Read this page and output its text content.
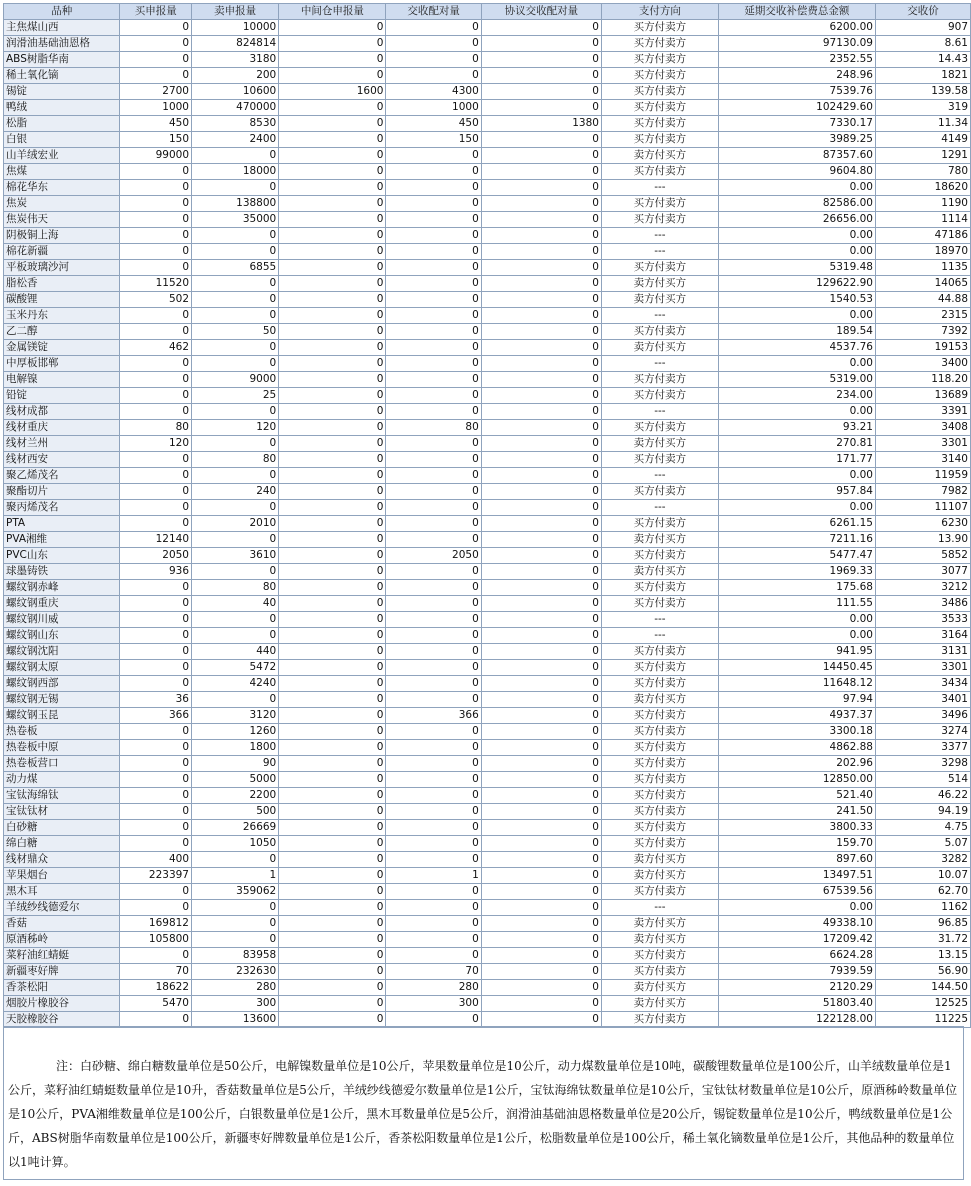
品种	买申报量	卖申报量	中间仓申报量	交收配对量	协议交收配对量	支付方向	延期交收补偿费总金额	交收价
主焦煤山西	0	10000	0	0	0	买方付卖方	6200.00	907
润滑油基础油恩格	0	824814	0	0	0	买方付卖方	97130.09	8.61
ABS树脂华南	0	3180	0	0	0	买方付卖方	2352.55	14.43
稀土氧化镝	0	200	0	0	0	买方付卖方	248.96	1821
锡锭	2700	10600	1600	4300	0	买方付卖方	7539.76	139.58
鸭绒	1000	470000	0	1000	0	买方付卖方	102429.60	319
松脂	450	8530	0	450	1380	买方付卖方	7330.17	11.34
白银	150	2400	0	150	0	买方付卖方	3989.25	4149
山羊绒宏业	99000	0	0	0	0	卖方付买方	87357.60	1291
焦煤	0	18000	0	0	0	买方付卖方	9604.80	780
棉花华东	0	0	0	0	0	---	0.00	18620
焦炭	0	138800	0	0	0	买方付卖方	82586.00	1190
焦炭伟天	0	35000	0	0	0	买方付卖方	26656.00	1114
阴极铜上海	0	0	0	0	0	---	0.00	47186
棉花新疆	0	0	0	0	0	---	0.00	18970
平板玻璃沙河	0	6855	0	0	0	买方付卖方	5319.48	1135
脂松香	11520	0	0	0	0	卖方付买方	129622.90	14065
碳酸锂	502	0	0	0	0	卖方付买方	1540.53	44.88
玉米丹东	0	0	0	0	0	---	0.00	2315
乙二醇	0	50	0	0	0	买方付卖方	189.54	7392
金属镁锭	462	0	0	0	0	卖方付买方	4537.76	19153
中厚板邯郸	0	0	0	0	0	---	0.00	3400
电解镍	0	9000	0	0	0	买方付卖方	5319.00	118.20
铅锭	0	25	0	0	0	买方付卖方	234.00	13689
线材成都	0	0	0	0	0	---	0.00	3391
线材重庆	80	120	0	80	0	买方付卖方	93.21	3408
线材兰州	120	0	0	0	0	卖方付买方	270.81	3301
线材西安	0	80	0	0	0	买方付卖方	171.77	3140
聚乙烯茂名	0	0	0	0	0	---	0.00	11959
聚酯切片	0	240	0	0	0	买方付卖方	957.84	7982
聚丙烯茂名	0	0	0	0	0	---	0.00	11107
PTA	0	2010	0	0	0	买方付卖方	6261.15	6230
PVA湘维	12140	0	0	0	0	卖方付买方	7211.16	13.90
PVC山东	2050	3610	0	2050	0	买方付卖方	5477.47	5852
球墨铸铁	936	0	0	0	0	卖方付买方	1969.33	3077
螺纹钢赤峰	0	80	0	0	0	买方付卖方	175.68	3212
螺纹钢重庆	0	40	0	0	0	买方付卖方	111.55	3486
螺纹钢川威	0	0	0	0	0	---	0.00	3533
螺纹钢山东	0	0	0	0	0	---	0.00	3164
螺纹钢沈阳	0	440	0	0	0	买方付卖方	941.95	3131
螺纹钢太原	0	5472	0	0	0	买方付卖方	14450.45	3301
螺纹钢西部	0	4240	0	0	0	买方付卖方	11648.12	3434
螺纹钢无锡	36	0	0	0	0	卖方付买方	97.94	3401
螺纹钢玉昆	366	3120	0	366	0	买方付卖方	4937.37	3496
热卷板	0	1260	0	0	0	买方付卖方	3300.18	3274
热卷板中原	0	1800	0	0	0	买方付卖方	4862.88	3377
热卷板营口	0	90	0	0	0	买方付卖方	202.96	3298
动力煤	0	5000	0	0	0	买方付卖方	12850.00	514
宝钛海绵钛	0	2200	0	0	0	买方付卖方	521.40	46.22
宝钛钛材	0	500	0	0	0	买方付卖方	241.50	94.19
白砂糖	0	26669	0	0	0	买方付卖方	3800.33	4.75
绵白糖	0	1050	0	0	0	买方付卖方	159.70	5.07
线材鼎众	400	0	0	0	0	卖方付买方	897.60	3282
苹果烟台	223397	1	0	1	0	卖方付买方	13497.51	10.07
黑木耳	0	359062	0	0	0	买方付卖方	67539.56	62.70
羊绒纱线德爱尔	0	0	0	0	0	---	0.00	1162
香菇	169812	0	0	0	0	卖方付买方	49338.10	96.85
原酒秭岭	105800	0	0	0	0	卖方付买方	17209.42	31.72
菜籽油红蜻蜓	0	83958	0	0	0	买方付卖方	6624.28	13.15
新疆枣好牌	70	232630	0	70	0	买方付卖方	7939.59	56.90
香茶松阳	18622	280	0	280	0	卖方付买方	2120.29	144.50
烟胶片橡胶谷	5470	300	0	300	0	卖方付买方	51803.40	12525
天胶橡胶谷	0	13600	0	0	0	买方付卖方	122128.00	11225
注：白砂糖、绵白糖数量单位是50公斤，电解镍数量单位是10公斤，苹果数量单位是10公斤，动力煤数量单位是10吨，碳酸锂数量单位是100公斤，山羊绒数量单位是1公斤，菜籽油红蜻蜓数量单位是10升，香菇数量单位是5公斤，羊绒纱线德爱尔数量单位是1公斤，宝钛海绵钛数量单位是10公斤，宝钛钛材数量单位是10公斤，原酒秭岭数量单位是10公斤，PVA湘维数量单位是100公斤，白银数量单位是1公斤，黑木耳数量单位是5公斤，润滑油基础油恩格数量单位是20公斤，锡锭数量单位是10公斤，鸭绒数量单位是1公斤，ABS树脂华南数量单位是100公斤，新疆枣好牌数量单位是1公斤，香茶松阳数量单位是1公斤，松脂数量单位是100公斤，稀土氧化镝数量单位是1公斤，其他品种的数量单位以1吨计算。
